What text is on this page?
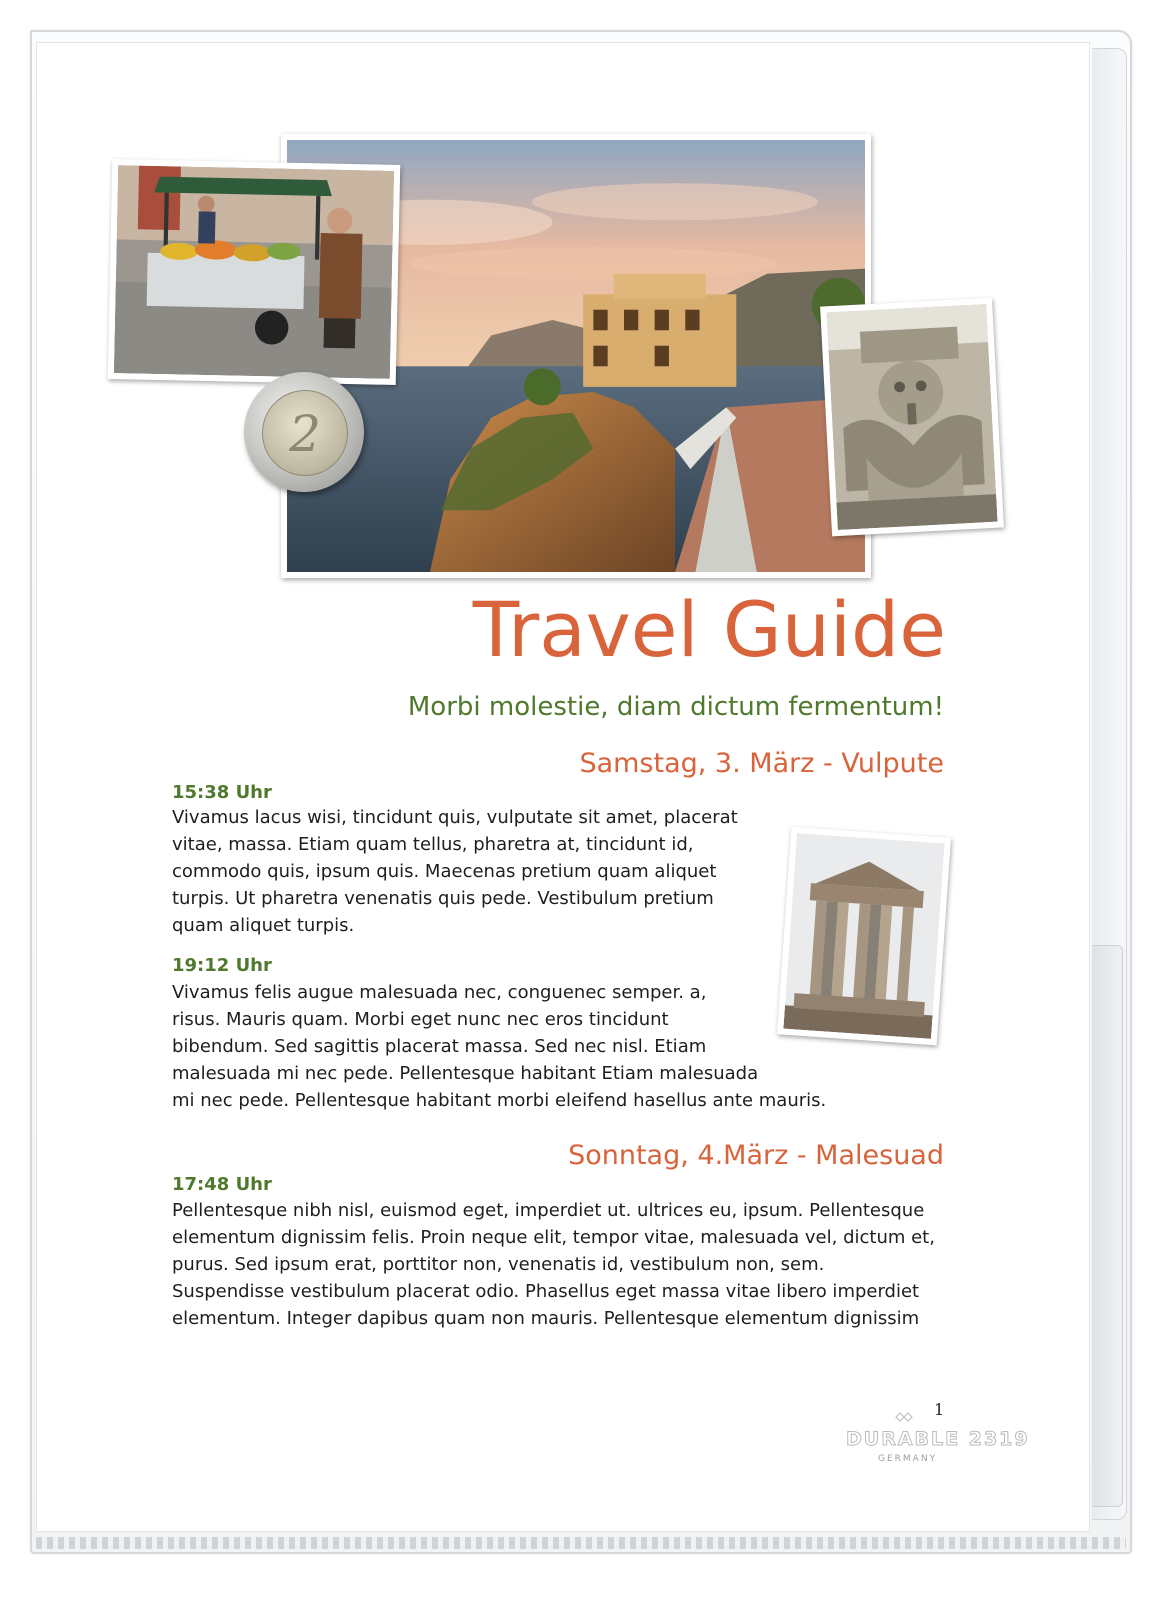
2
Travel Guide

Morbi molestie, diam dictum fermentum!

Samstag, 3. März - Vulpute

15:38 Uhr

Vivamus lacus wisi, tincidunt quis, vulputate sit amet, placerat
vitae, massa. Etiam quam tellus, pharetra at, tincidunt id,
commodo quis, ipsum quis. Maecenas pretium quam aliquet
turpis. Ut pharetra venenatis quis pede. Vestibulum pretium
quam aliquet turpis.

19:12 Uhr

Vivamus felis augue malesuada nec, conguenec semper. a,
risus. Mauris quam. Morbi eget nunc nec eros tincidunt
bibendum. Sed sagittis placerat massa. Sed nec nisl. Etiam
malesuada mi nec pede. Pellentesque habitant Etiam malesuada
mi nec pede. Pellentesque habitant morbi eleifend hasellus ante mauris.
Sonntag, 4.März - Malesuad

17:48 Uhr

Pellentesque nibh nisl, euismod eget, imperdiet ut. ultrices eu, ipsum. Pellentesque
elementum dignissim felis. Proin neque elit, tempor vitae, malesuada vel, dictum et,
purus. Sed ipsum erat, porttitor non, venenatis id, vestibulum non, sem.
Suspendisse vestibulum placerat odio. Phasellus eget massa vitae libero imperdiet
elementum. Integer dapibus quam non mauris. Pellentesque elementum dignissim
1
DURABLE 2319
GERMANY
